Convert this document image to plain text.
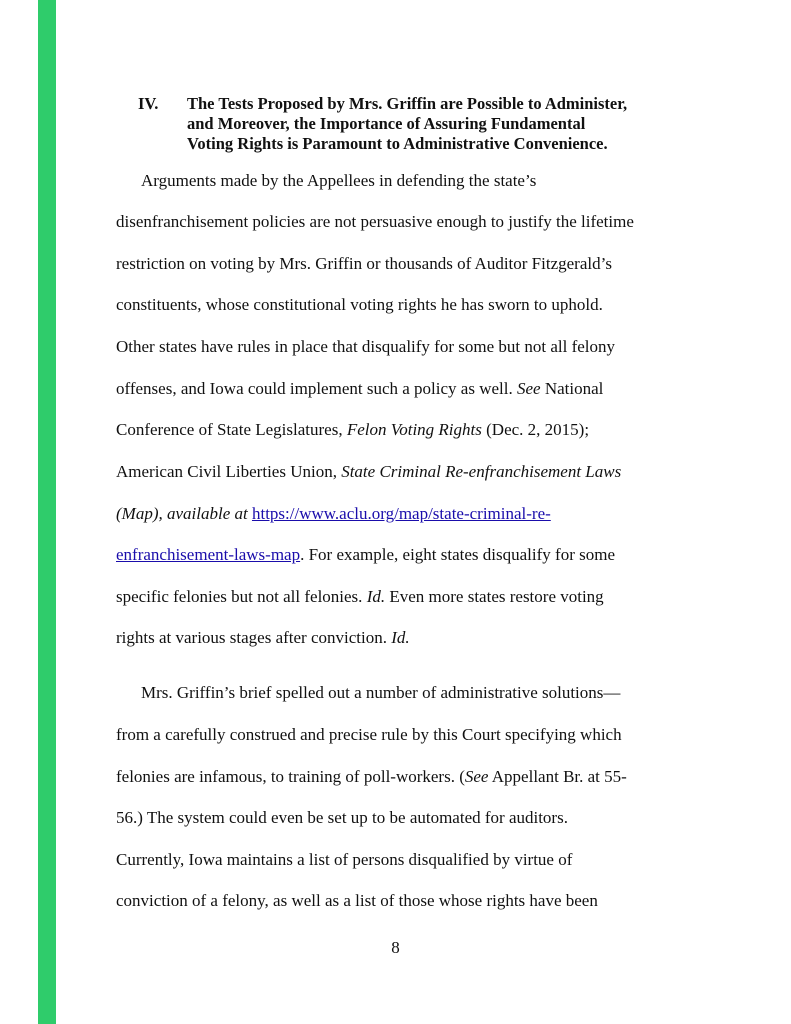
IV. The Tests Proposed by Mrs. Griffin are Possible to Administer,
and Moreover, the Importance of Assuring Fundamental
Voting Rights is Paramount to Administrative Convenience.
Arguments made by the Appellees in defending the state’s
disenfranchisement policies are not persuasive enough to justify the lifetime
restriction on voting by Mrs. Griffin or thousands of Auditor Fitzgerald’s
constituents, whose constitutional voting rights he has sworn to uphold.
Other states have rules in place that disqualify for some but not all felony
offenses, and Iowa could implement such a policy as well. See National
Conference of State Legislatures, Felon Voting Rights (Dec. 2, 2015);
American Civil Liberties Union, State Criminal Re-enfranchisement Laws
(Map), available at https://www.aclu.org/map/state-criminal-re-
enfranchisement-laws-map. For example, eight states disqualify for some
specific felonies but not all felonies. Id. Even more states restore voting
rights at various stages after conviction. Id.
Mrs. Griffin’s brief spelled out a number of administrative solutions—
from a carefully construed and precise rule by this Court specifying which
felonies are infamous, to training of poll-workers. (See Appellant Br. at 55-
56.) The system could even be set up to be automated for auditors.
Currently, Iowa maintains a list of persons disqualified by virtue of
conviction of a felony, as well as a list of those whose rights have been
8
